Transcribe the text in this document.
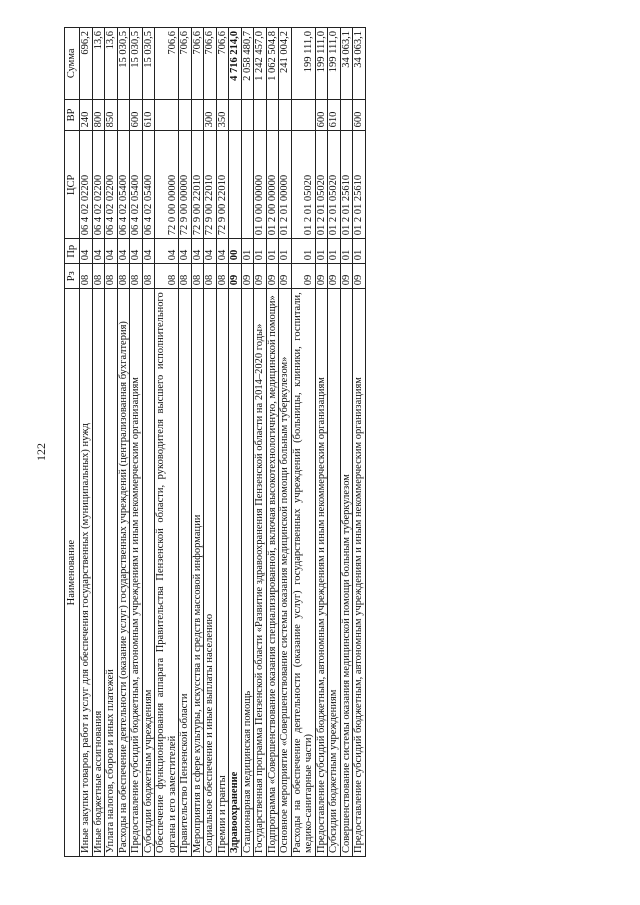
122
Наименование	Рз	Пр	ЦСР	ВР	Сумма
Иные закупки товаров, работ и услуг для обеспечения государственных (муниципальных) нужд	08	04	06 4 02 02200	240	696,2
Иные бюджетные ассигнования	08	04	06 4 02 02200	800	13,6
Уплата налогов, сборов и иных платежей	08	04	06 4 02 02200	850	13,6
Расходы на обеспечение деятельности (оказание услуг) государственных учреждений (централизованная бухгалтерия)	08	04	06 4 02 05400		15 030,5
Предоставление субсидий бюджетным, автономным учреждениям и иным некоммерческим организациям	08	04	06 4 02 05400	600	15 030,5
Субсидии бюджетным учреждениям	08	04	06 4 02 05400	610	15 030,5
Обеспечение функционирования аппарата Правительства Пензенской области, руководителя высшего исполнительного органа и его заместителей	08	04	72 0 00 00000		706,6
Правительство Пензенской области	08	04	72 9 00 00000		706,6
Мероприятия в сфере культуры, искусства и средств массовой информации	08	04	72 9 00 22010		706,6
Социальное обеспечение и иные выплаты населению	08	04	72 9 00 22010	300	706,6
Премии и гранты	08	04	72 9 00 22010	350	706,6
Здравоохранение	09	00			4 716 214,0
Стационарная медицинская помощь	09	01			2 058 480,7
Государственная программа Пензенской области «Развитие здравоохранения Пензенской области на 2014–2020 годы»	09	01	01 0 00 00000		1 242 457,0
Подпрограмма «Совершенствование оказания специализированной, включая высокотехнологичную, медицинской помощи»	09	01	01 2 00 00000		1 062 504,8
Основное мероприятие «Совершенствование системы оказания медицинской помощи больным туберкулезом»	09	01	01 2 01 00000		241 004,2
Расходы на обеспечение деятельности (оказание услуг) государственных учреждений (больницы, клиники, госпитали, медико-санитарные части)	09	01	01 2 01 05020		199 111,0
Предоставление субсидий бюджетным, автономным учреждениям и иным некоммерческим организациям	09	01	01 2 01 05020	600	199 111,0
Субсидии бюджетным учреждениям	09	01	01 2 01 05020	610	199 111,0
Совершенствование системы оказания медицинской помощи больным туберкулезом	09	01	01 2 01 25610		34 063,1
Предоставление субсидий бюджетным, автономным учреждениям и иным некоммерческим организациям	09	01	01 2 01 25610	600	34 063,1
